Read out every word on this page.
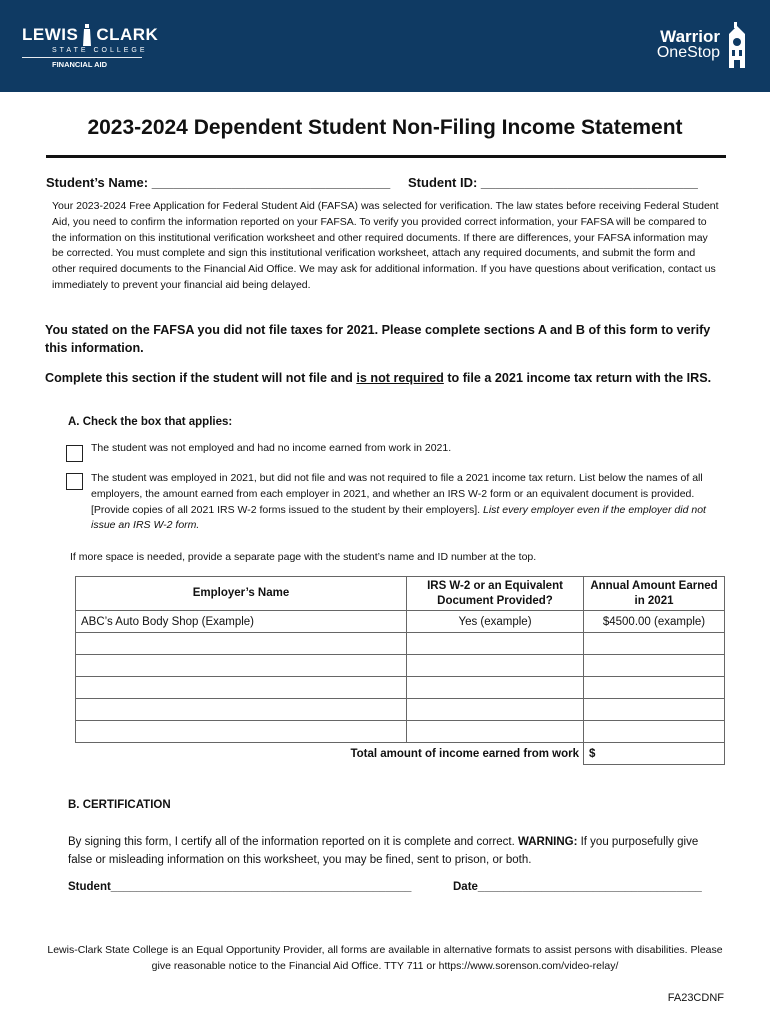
LEWIS CLARK
STATE COLLEGE
FINANCIAL AID
Warrior
OneStop
2023-2024 Dependent Student Non-Filing Income Statement
Student’s Name: _________________________________ Student ID: ______________________________
Your 2023-2024 Free Application for Federal Student Aid (FAFSA) was selected for verification. The law states before receiving Federal Student Aid, you need to confirm the information reported on your FAFSA. To verify you provided correct information, your FAFSA will be compared to the information on this institutional verification worksheet and other required documents. If there are differences, your FAFSA information may be corrected. You must complete and sign this institutional verification worksheet, attach any required documents, and submit the form and other required documents to the Financial Aid Office. We may ask for additional information. If you have questions about verification, contact us immediately to prevent your financial aid being delayed.
You stated on the FAFSA you did not file taxes for 2021. Please complete sections A and B of this form to verify this information.
Complete this section if the student will not file and is not required to file a 2021 income tax return with the IRS.
A. Check the box that applies:
The student was not employed and had no income earned from work in 2021.
The student was employed in 2021, but did not file and was not required to file a 2021 income tax return. List below the names of all employers, the amount earned from each employer in 2021, and whether an IRS W-2 form or an equivalent document is provided. [Provide copies of all 2021 IRS W-2 forms issued to the student by their employers]. List every employer even if the employer did not issue an IRS W-2 form.
If more space is needed, provide a separate page with the student’s name and ID number at the top.
Employer’s Name	IRS W-2 or an Equivalent Document Provided?	Annual Amount Earned in 2021
ABC’s Auto Body Shop (Example)	Yes (example)	$4500.00 (example)

Total amount of income earned from work		$
B. CERTIFICATION
By signing this form, I certify all of the information reported on it is complete and correct. WARNING: If you purposefully give false or misleading information on this worksheet, you may be fined, sent to prison, or both.
Student_______________________________________________	Date___________________________________
Lewis-Clark State College is an Equal Opportunity Provider, all forms are available in alternative formats to assist persons with disabilities. Please give reasonable notice to the Financial Aid Office. TTY 711 or https://www.sorenson.com/video-relay/
FA23CDNF
